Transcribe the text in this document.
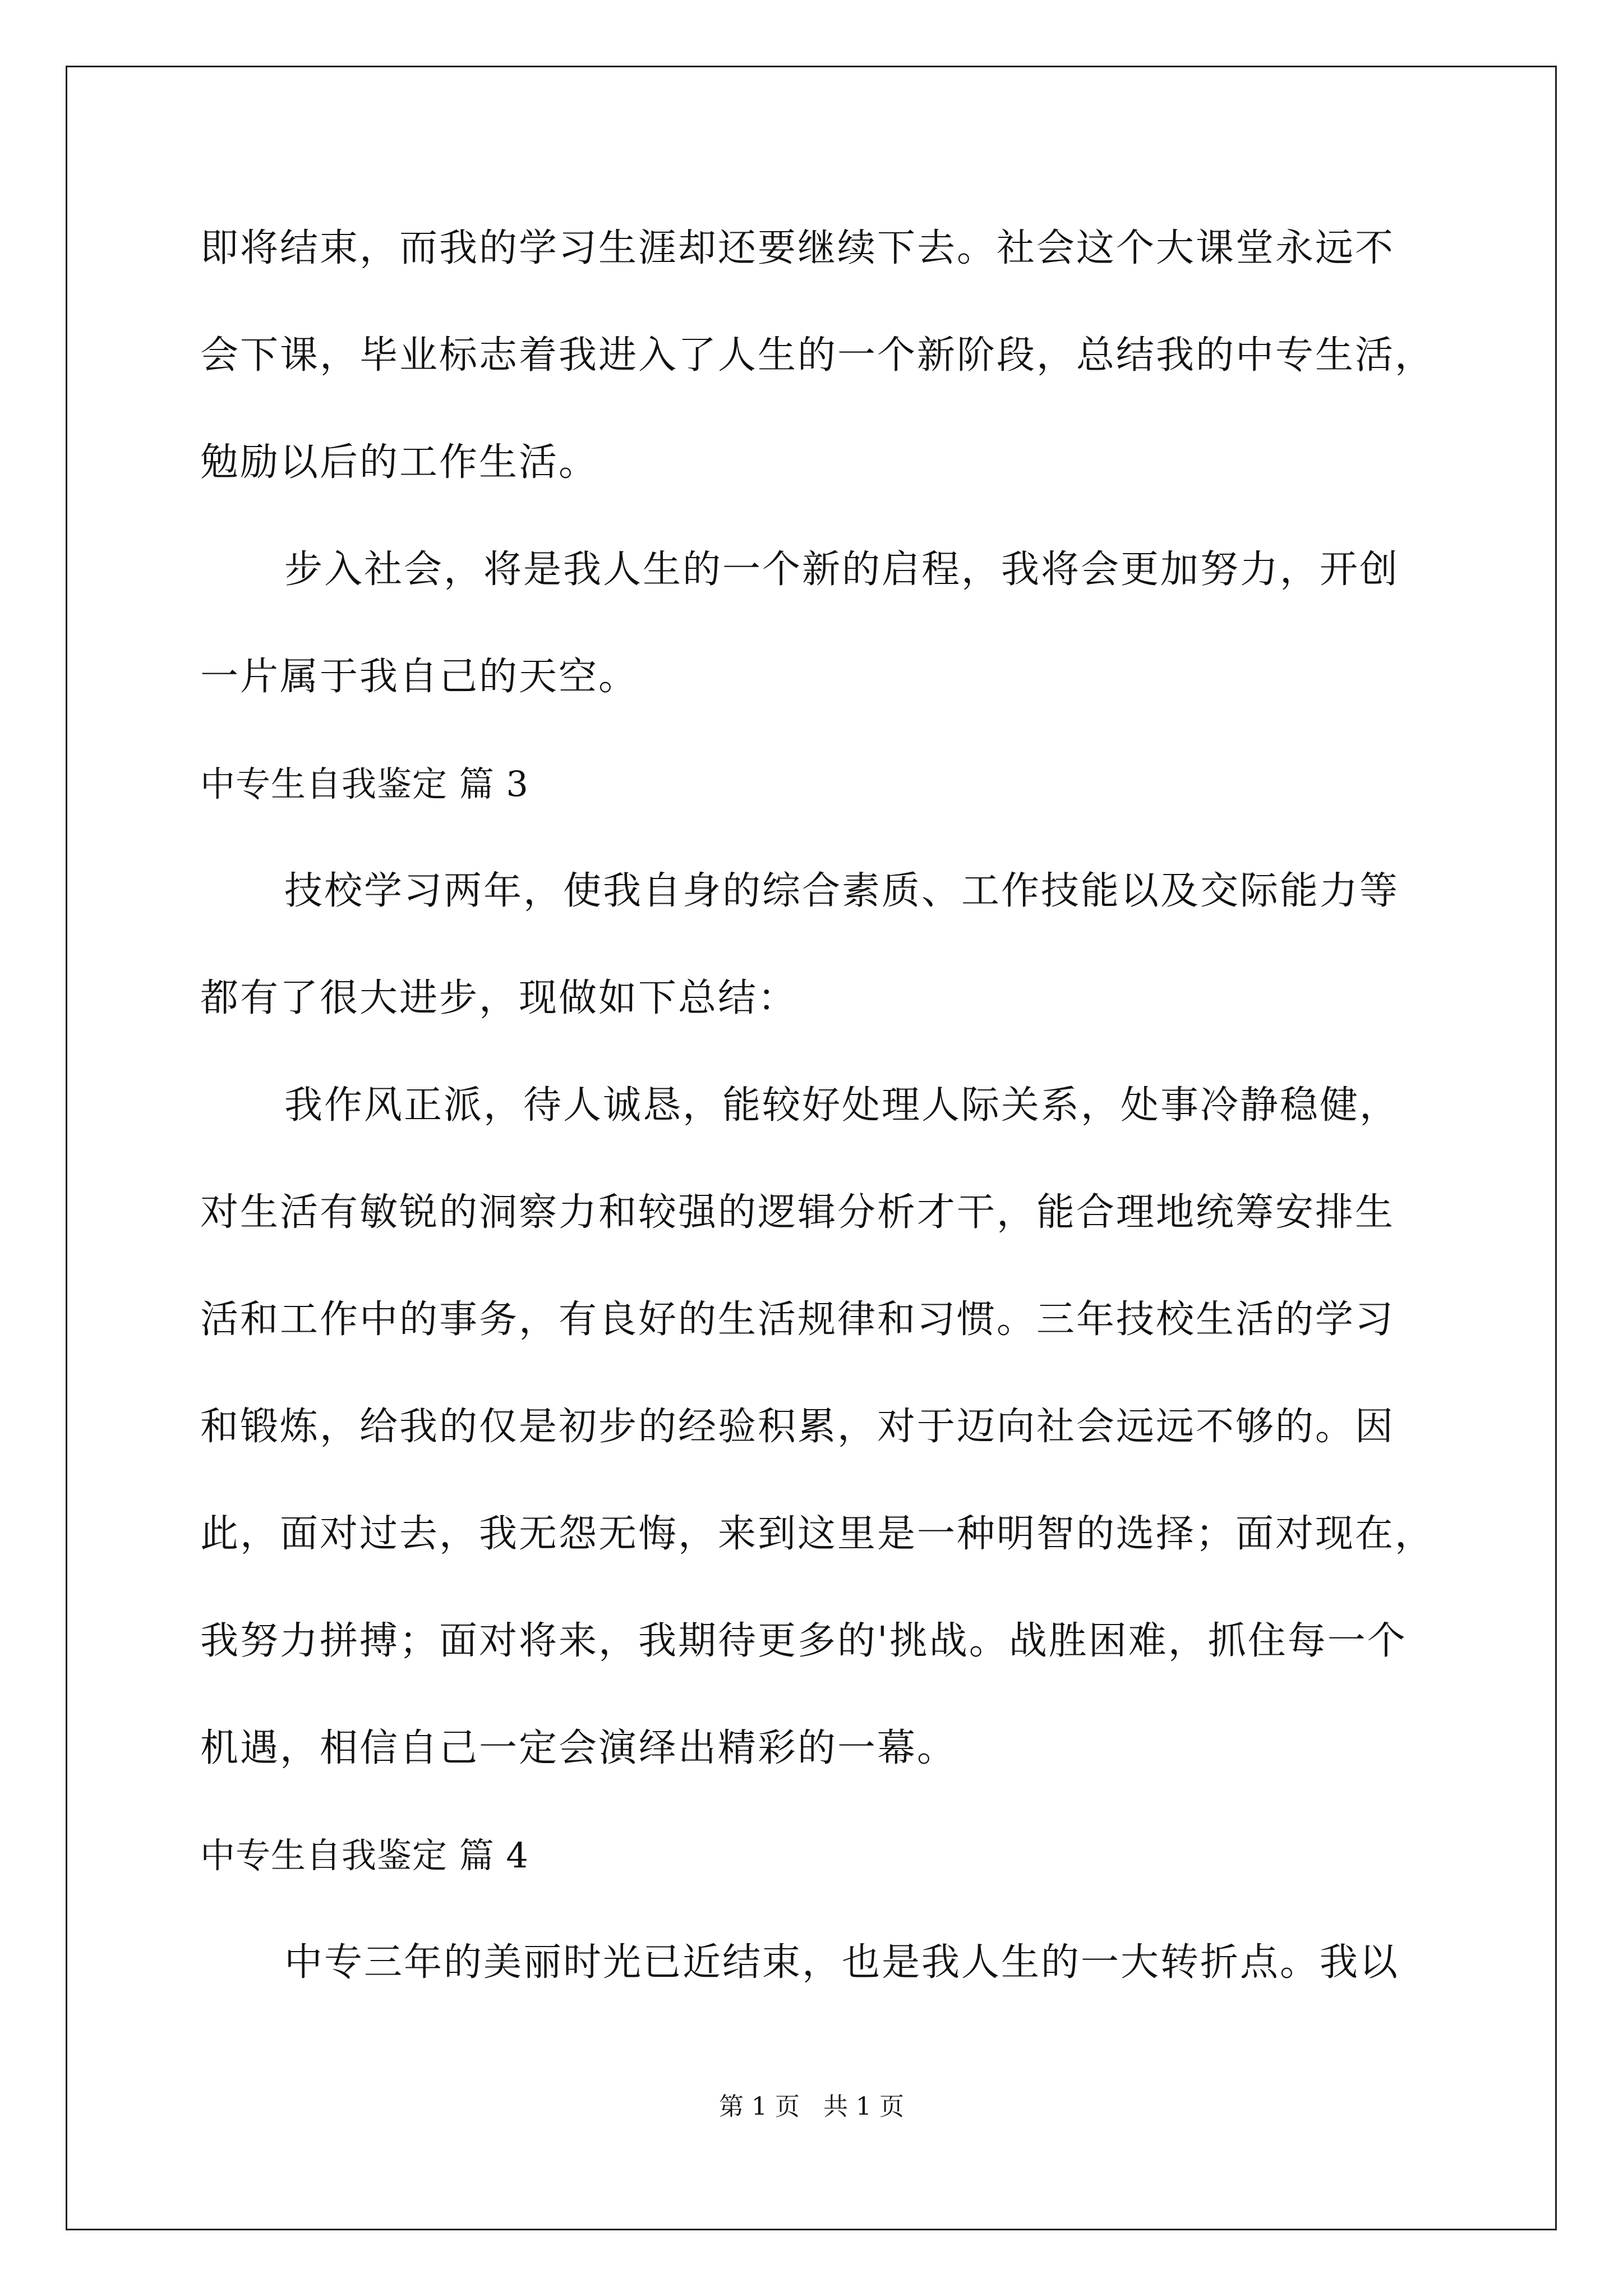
即将结束，而我的学习生涯却还要继续下去。社会这个大课堂永远不
会下课，毕业标志着我进入了人生的一个新阶段，总结我的中专生活，
勉励以后的工作生活。
步入社会，将是我人生的一个新的启程，我将会更加努力，开创
一片属于我自己的天空。
中专生自我鉴定 篇 3
技校学习两年，使我自身的综合素质、工作技能以及交际能力等
都有了很大进步，现做如下总结：
我作风正派，待人诚恳，能较好处理人际关系，处事冷静稳健，
对生活有敏锐的洞察力和较强的逻辑分析才干，能合理地统筹安排生
活和工作中的事务，有良好的生活规律和习惯。三年技校生活的学习
和锻炼，给我的仅是初步的经验积累，对于迈向社会远远不够的。因
此，面对过去，我无怨无悔，来到这里是一种明智的选择；面对现在，
我努力拼搏；面对将来，我期待更多的'挑战。战胜困难，抓住每一个
机遇，相信自己一定会演绎出精彩的一幕。
中专生自我鉴定 篇 4
中专三年的美丽时光已近结束，也是我人生的一大转折点。我以
第 1 页   共 1 页
